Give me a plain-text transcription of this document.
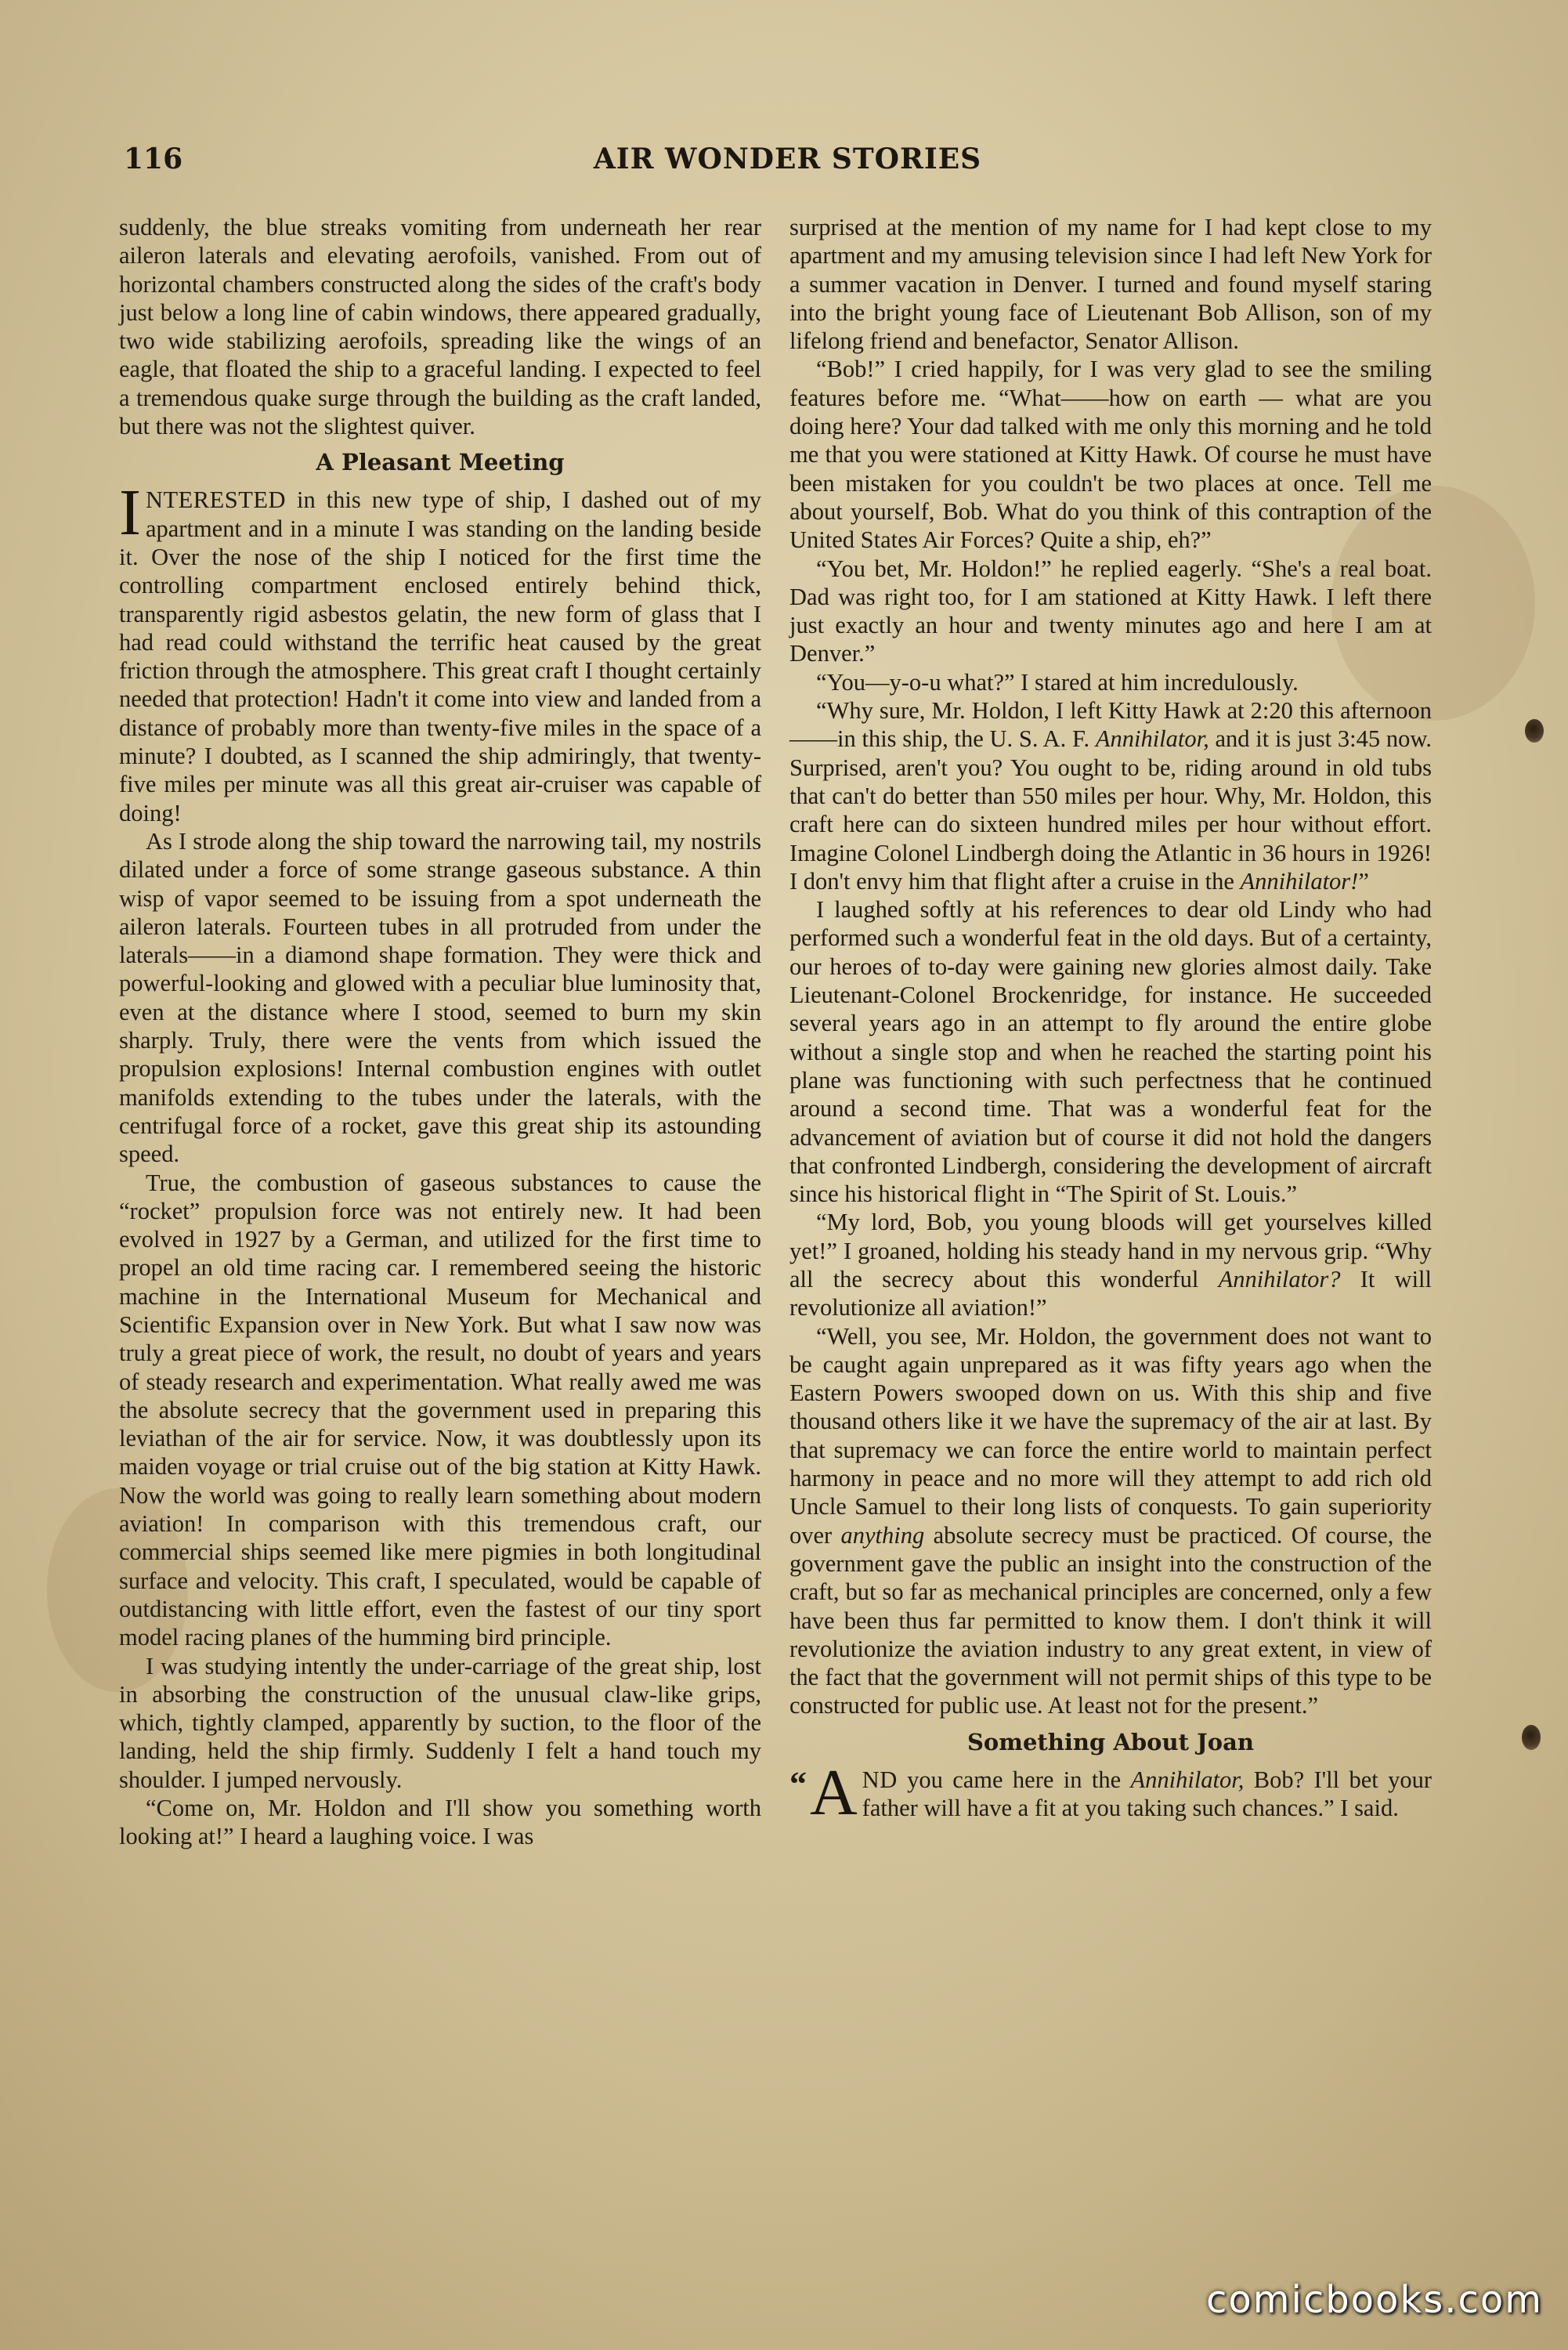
116	AIR WONDER STORIES

suddenly, the blue streaks vomiting from underneath her rear aileron laterals and elevating aerofoils, vanished. From out of horizontal chambers constructed along the sides of the craft's body just below a long line of cabin windows, there appeared gradually, two wide stabilizing aerofoils, spreading like the wings of an eagle, that floated the ship to a graceful landing. I expected to feel a tremendous quake surge through the building as the craft landed, but there was not the slightest quiver.

A Pleasant Meeting

INTERESTED in this new type of ship, I dashed out of my apartment and in a minute I was standing on the landing beside it. Over the nose of the ship I noticed for the first time the controlling compartment enclosed entirely behind thick, transparently rigid asbestos gelatin, the new form of glass that I had read could withstand the terrific heat caused by the great friction through the atmosphere. This great craft I thought certainly needed that protection! Hadn't it come into view and landed from a distance of probably more than twenty-five miles in the space of a minute? I doubted, as I scanned the ship admiringly, that twenty-five miles per minute was all this great air-cruiser was capable of doing!

As I strode along the ship toward the narrowing tail, my nostrils dilated under a force of some strange gaseous substance. A thin wisp of vapor seemed to be issuing from a spot underneath the aileron laterals. Fourteen tubes in all protruded from under the laterals——in a diamond shape formation. They were thick and powerful-looking and glowed with a peculiar blue luminosity that, even at the distance where I stood, seemed to burn my skin sharply. Truly, there were the vents from which issued the propulsion explosions! Internal combustion engines with outlet manifolds extending to the tubes under the laterals, with the centrifugal force of a rocket, gave this great ship its astounding speed.

True, the combustion of gaseous substances to cause the “rocket” propulsion force was not entirely new. It had been evolved in 1927 by a German, and utilized for the first time to propel an old time racing car. I remembered seeing the historic machine in the International Museum for Mechanical and Scientific Expansion over in New York. But what I saw now was truly a great piece of work, the result, no doubt of years and years of steady research and experimentation. What really awed me was the absolute secrecy that the government used in preparing this leviathan of the air for service. Now, it was doubtlessly upon its maiden voyage or trial cruise out of the big station at Kitty Hawk. Now the world was going to really learn something about modern aviation! In comparison with this tremendous craft, our commercial ships seemed like mere pigmies in both longitudinal surface and velocity. This craft, I speculated, would be capable of outdistancing with little effort, even the fastest of our tiny sport model racing planes of the humming bird principle.

I was studying intently the under-carriage of the great ship, lost in absorbing the construction of the unusual claw-like grips, which, tightly clamped, apparently by suction, to the floor of the landing, held the ship firmly. Suddenly I felt a hand touch my shoulder. I jumped nervously.

“Come on, Mr. Holdon and I'll show you something worth looking at!” I heard a laughing voice. I was

surprised at the mention of my name for I had kept close to my apartment and my amusing television since I had left New York for a summer vacation in Denver. I turned and found myself staring into the bright young face of Lieutenant Bob Allison, son of my lifelong friend and benefactor, Senator Allison.

“Bob!” I cried happily, for I was very glad to see the smiling features before me. “What——how on earth — what are you doing here? Your dad talked with me only this morning and he told me that you were stationed at Kitty Hawk. Of course he must have been mistaken for you couldn't be two places at once. Tell me about yourself, Bob. What do you think of this contraption of the United States Air Forces? Quite a ship, eh?”

“You bet, Mr. Holdon!” he replied eagerly. “She's a real boat. Dad was right too, for I am stationed at Kitty Hawk. I left there just exactly an hour and twenty minutes ago and here I am at Denver.”

“You—y-o-u what?” I stared at him incredulously.

“Why sure, Mr. Holdon, I left Kitty Hawk at 2:20 this afternoon——in this ship, the U. S. A. F. Annihilator, and it is just 3:45 now. Surprised, aren't you? You ought to be, riding around in old tubs that can't do better than 550 miles per hour. Why, Mr. Holdon, this craft here can do sixteen hundred miles per hour without effort. Imagine Colonel Lindbergh doing the Atlantic in 36 hours in 1926! I don't envy him that flight after a cruise in the Annihilator!”

I laughed softly at his references to dear old Lindy who had performed such a wonderful feat in the old days. But of a certainty, our heroes of to-day were gaining new glories almost daily. Take Lieutenant-Colonel Brockenridge, for instance. He succeeded several years ago in an attempt to fly around the entire globe without a single stop and when he reached the starting point his plane was functioning with such perfectness that he continued around a second time. That was a wonderful feat for the advancement of aviation but of course it did not hold the dangers that confronted Lindbergh, considering the development of aircraft since his historical flight in “The Spirit of St. Louis.”

“My lord, Bob, you young bloods will get yourselves killed yet!” I groaned, holding his steady hand in my nervous grip. “Why all the secrecy about this wonderful Annihilator? It will revolutionize all aviation!”

“Well, you see, Mr. Holdon, the government does not want to be caught again unprepared as it was fifty years ago when the Eastern Powers swooped down on us. With this ship and five thousand others like it we have the supremacy of the air at last. By that supremacy we can force the entire world to maintain perfect harmony in peace and no more will they attempt to add rich old Uncle Samuel to their long lists of conquests. To gain superiority over anything absolute secrecy must be practiced. Of course, the government gave the public an insight into the construction of the craft, but so far as mechanical principles are concerned, only a few have been thus far permitted to know them. I don't think it will revolutionize the aviation industry to any great extent, in view of the fact that the government will not permit ships of this type to be constructed for public use. At least not for the present.”

Something About Joan

“ A ND you came here in the Annihilator, Bob? I'll bet your father will have a fit at you taking such chances.” I said.

comicbooks.com
